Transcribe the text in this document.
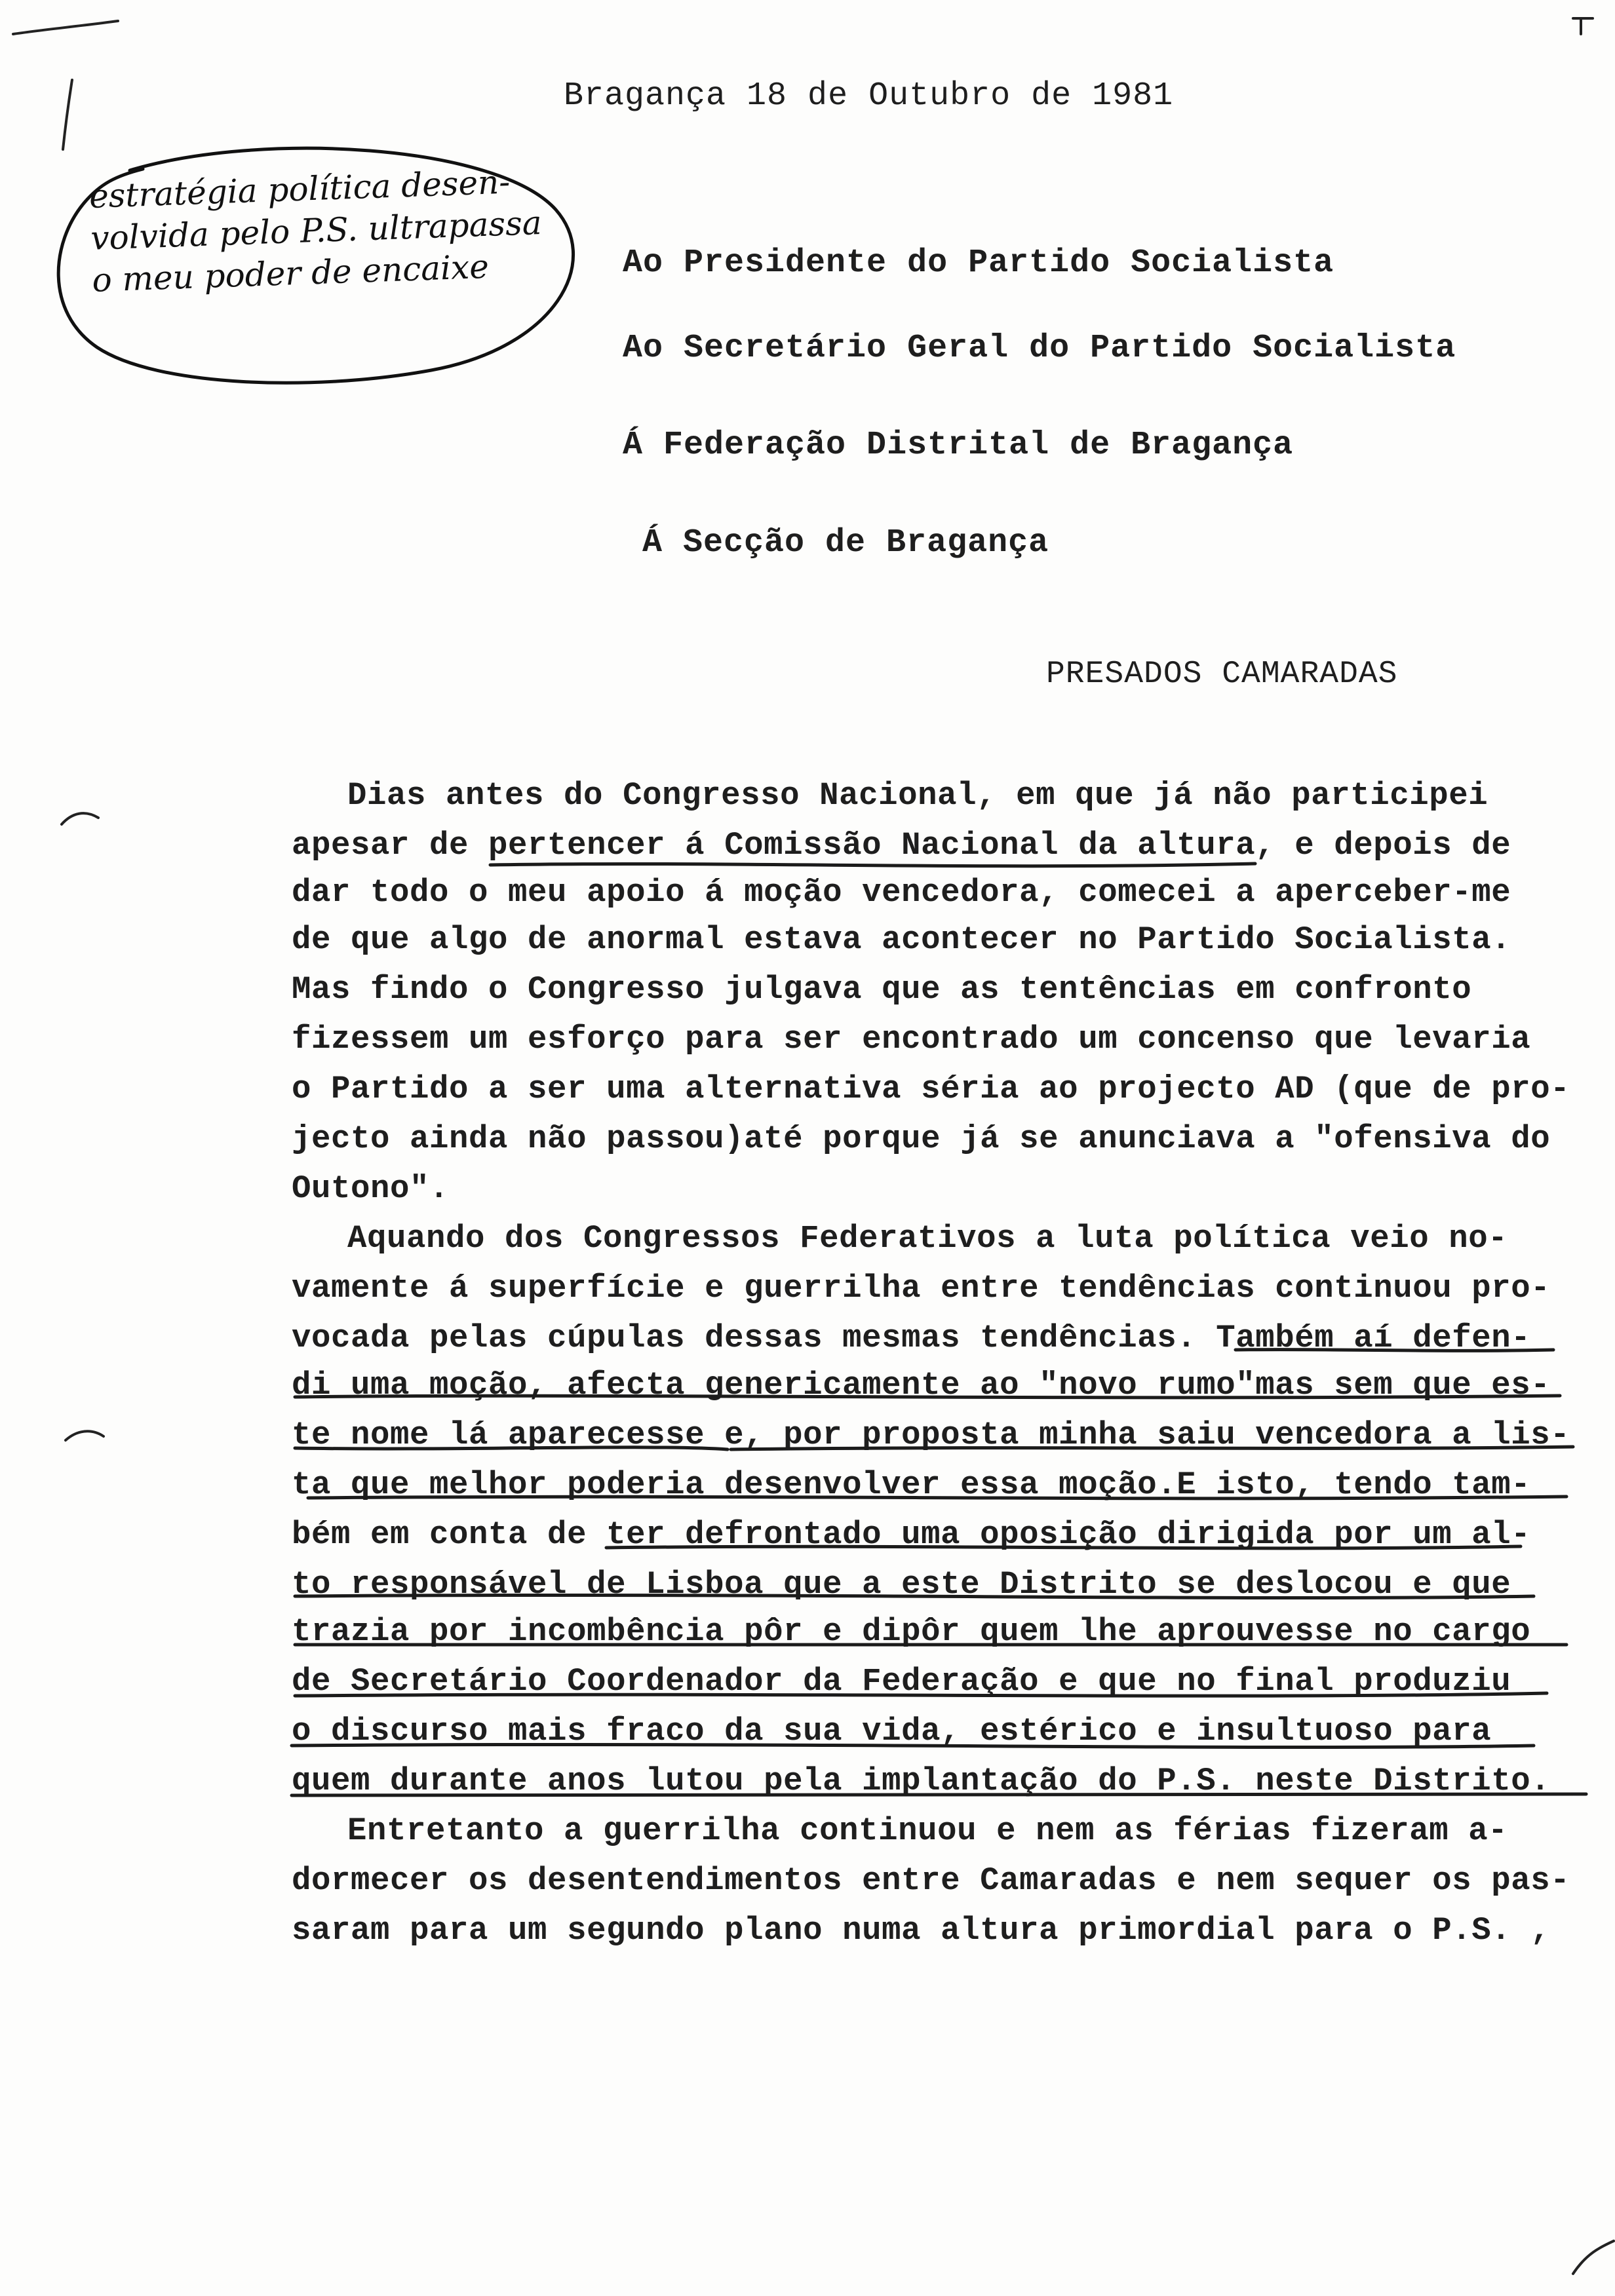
Bragança 18 de Outubro de 1981
Ao Presidente do Partido Socialista
Ao Secretário Geral do Partido Socialista
Á Federação Distrital de Bragança
Á Secção de Bragança
PRESADOS CAMARADAS
Dias antes do Congresso Nacional, em que já não participei
apesar de pertencer á Comissão Nacional da altura, e depois de
dar todo o meu apoio á moção vencedora, comecei a aperceber-me
de que algo de anormal estava acontecer no Partido Socialista.
Mas findo o Congresso julgava que as tentências em confronto
fizessem um esforço para ser encontrado um concenso que levaria
o Partido a ser uma alternativa séria ao projecto AD (que de pro-
jecto ainda não passou)até porque já se anunciava a "ofensiva do
Outono".
Aquando dos Congressos Federativos a luta política veio no-
vamente á superfície e guerrilha entre tendências continuou pro-
vocada pelas cúpulas dessas mesmas tendências. Também aí defen-
di uma moção, afecta genericamente ao "novo rumo"mas sem que es-
te nome lá aparecesse e, por proposta minha saiu vencedora a lis-
ta que melhor poderia desenvolver essa moção.E isto, tendo tam-
bém em conta de ter defrontado uma oposição dirigida por um al-
to responsável de Lisboa que a este Distrito se deslocou e que
trazia por incombência pôr e dipôr quem lhe aprouvesse no cargo
de Secretário Coordenador da Federação e que no final produziu
o discurso mais fraco da sua vida, estérico e insultuoso para
quem durante anos lutou pela implantação do P.S. neste Distrito.
Entretanto a guerrilha continuou e nem as férias fizeram a-
dormecer os desentendimentos entre Camaradas e nem sequer os pas-
saram para um segundo plano numa altura primordial para o P.S. ,
estratégia política desen-
volvida pelo P.S. ultrapassa
o meu poder de encaixe
